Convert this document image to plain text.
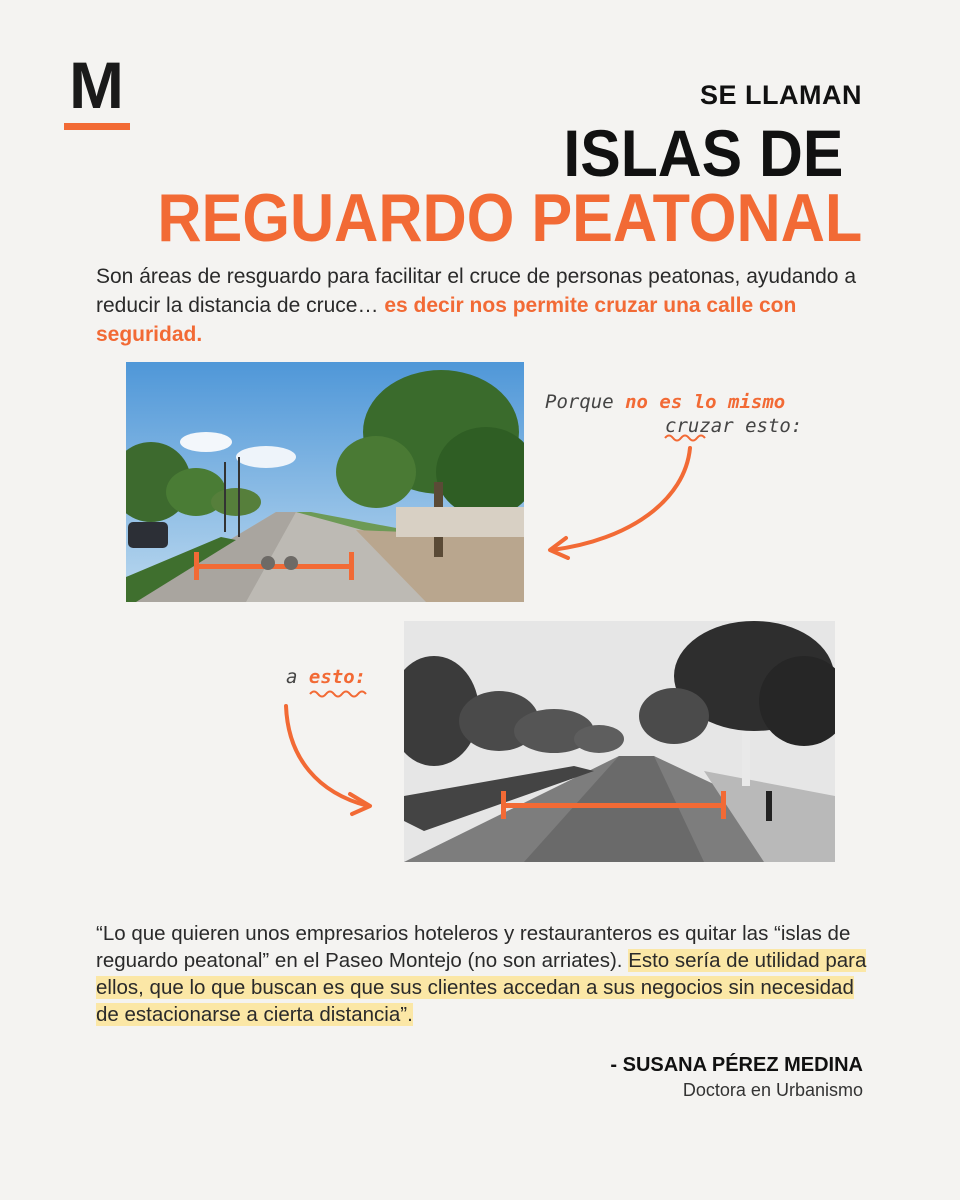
M	SE LLAMAN
ISLAS DE
REGUARDO PEATONAL
Son áreas de resguardo para facilitar el cruce de personas peatonas, ayudando a reducir la distancia de cruce… es decir nos permite cruzar una calle con seguridad.
Porque no es lo mismo
cruzar esto:
a esto:
“Lo que quieren unos empresarios hoteleros y restauranteros es quitar las “islas de reguardo peatonal” en el Paseo Montejo (no son arriates). Esto sería de utilidad para ellos, que lo que buscan es que sus clientes accedan a sus negocios sin necesidad de estacionarse a cierta distancia”.
- SUSANA PÉREZ MEDINA
Doctora en Urbanismo
